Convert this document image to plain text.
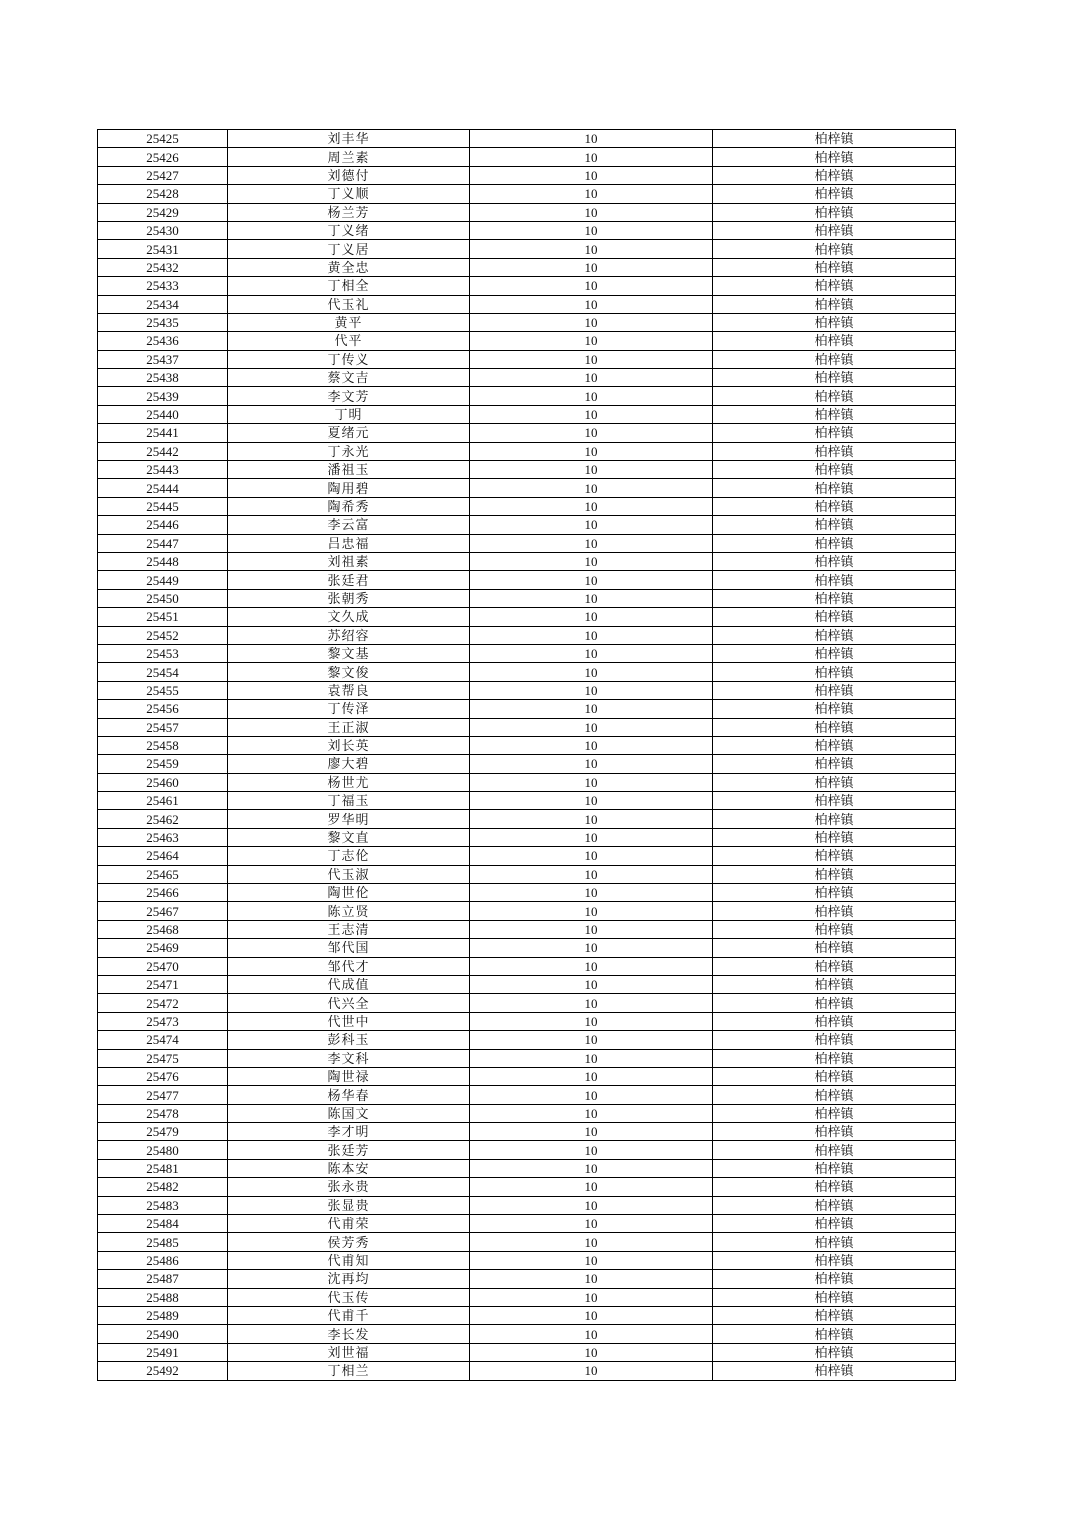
25425	刘丰华	10	柏梓镇
25426	周兰素	10	柏梓镇
25427	刘德付	10	柏梓镇
25428	丁义顺	10	柏梓镇
25429	杨兰芳	10	柏梓镇
25430	丁义绪	10	柏梓镇
25431	丁义居	10	柏梓镇
25432	黄全忠	10	柏梓镇
25433	丁相全	10	柏梓镇
25434	代玉礼	10	柏梓镇
25435	黄平	10	柏梓镇
25436	代平	10	柏梓镇
25437	丁传义	10	柏梓镇
25438	蔡文吉	10	柏梓镇
25439	李文芳	10	柏梓镇
25440	丁明	10	柏梓镇
25441	夏绪元	10	柏梓镇
25442	丁永光	10	柏梓镇
25443	潘祖玉	10	柏梓镇
25444	陶用碧	10	柏梓镇
25445	陶希秀	10	柏梓镇
25446	李云富	10	柏梓镇
25447	吕忠福	10	柏梓镇
25448	刘祖素	10	柏梓镇
25449	张廷君	10	柏梓镇
25450	张朝秀	10	柏梓镇
25451	文久成	10	柏梓镇
25452	苏绍容	10	柏梓镇
25453	黎文基	10	柏梓镇
25454	黎文俊	10	柏梓镇
25455	袁帮良	10	柏梓镇
25456	丁传泽	10	柏梓镇
25457	王正淑	10	柏梓镇
25458	刘长英	10	柏梓镇
25459	廖大碧	10	柏梓镇
25460	杨世尤	10	柏梓镇
25461	丁福玉	10	柏梓镇
25462	罗华明	10	柏梓镇
25463	黎文直	10	柏梓镇
25464	丁志伦	10	柏梓镇
25465	代玉淑	10	柏梓镇
25466	陶世伦	10	柏梓镇
25467	陈立贤	10	柏梓镇
25468	王志清	10	柏梓镇
25469	邹代国	10	柏梓镇
25470	邹代才	10	柏梓镇
25471	代成值	10	柏梓镇
25472	代兴全	10	柏梓镇
25473	代世中	10	柏梓镇
25474	彭科玉	10	柏梓镇
25475	李文科	10	柏梓镇
25476	陶世禄	10	柏梓镇
25477	杨华春	10	柏梓镇
25478	陈国文	10	柏梓镇
25479	李才明	10	柏梓镇
25480	张廷芳	10	柏梓镇
25481	陈本安	10	柏梓镇
25482	张永贵	10	柏梓镇
25483	张显贵	10	柏梓镇
25484	代甫荣	10	柏梓镇
25485	侯芳秀	10	柏梓镇
25486	代甫知	10	柏梓镇
25487	沈再均	10	柏梓镇
25488	代玉传	10	柏梓镇
25489	代甫千	10	柏梓镇
25490	李长发	10	柏梓镇
25491	刘世福	10	柏梓镇
25492	丁相兰	10	柏梓镇
